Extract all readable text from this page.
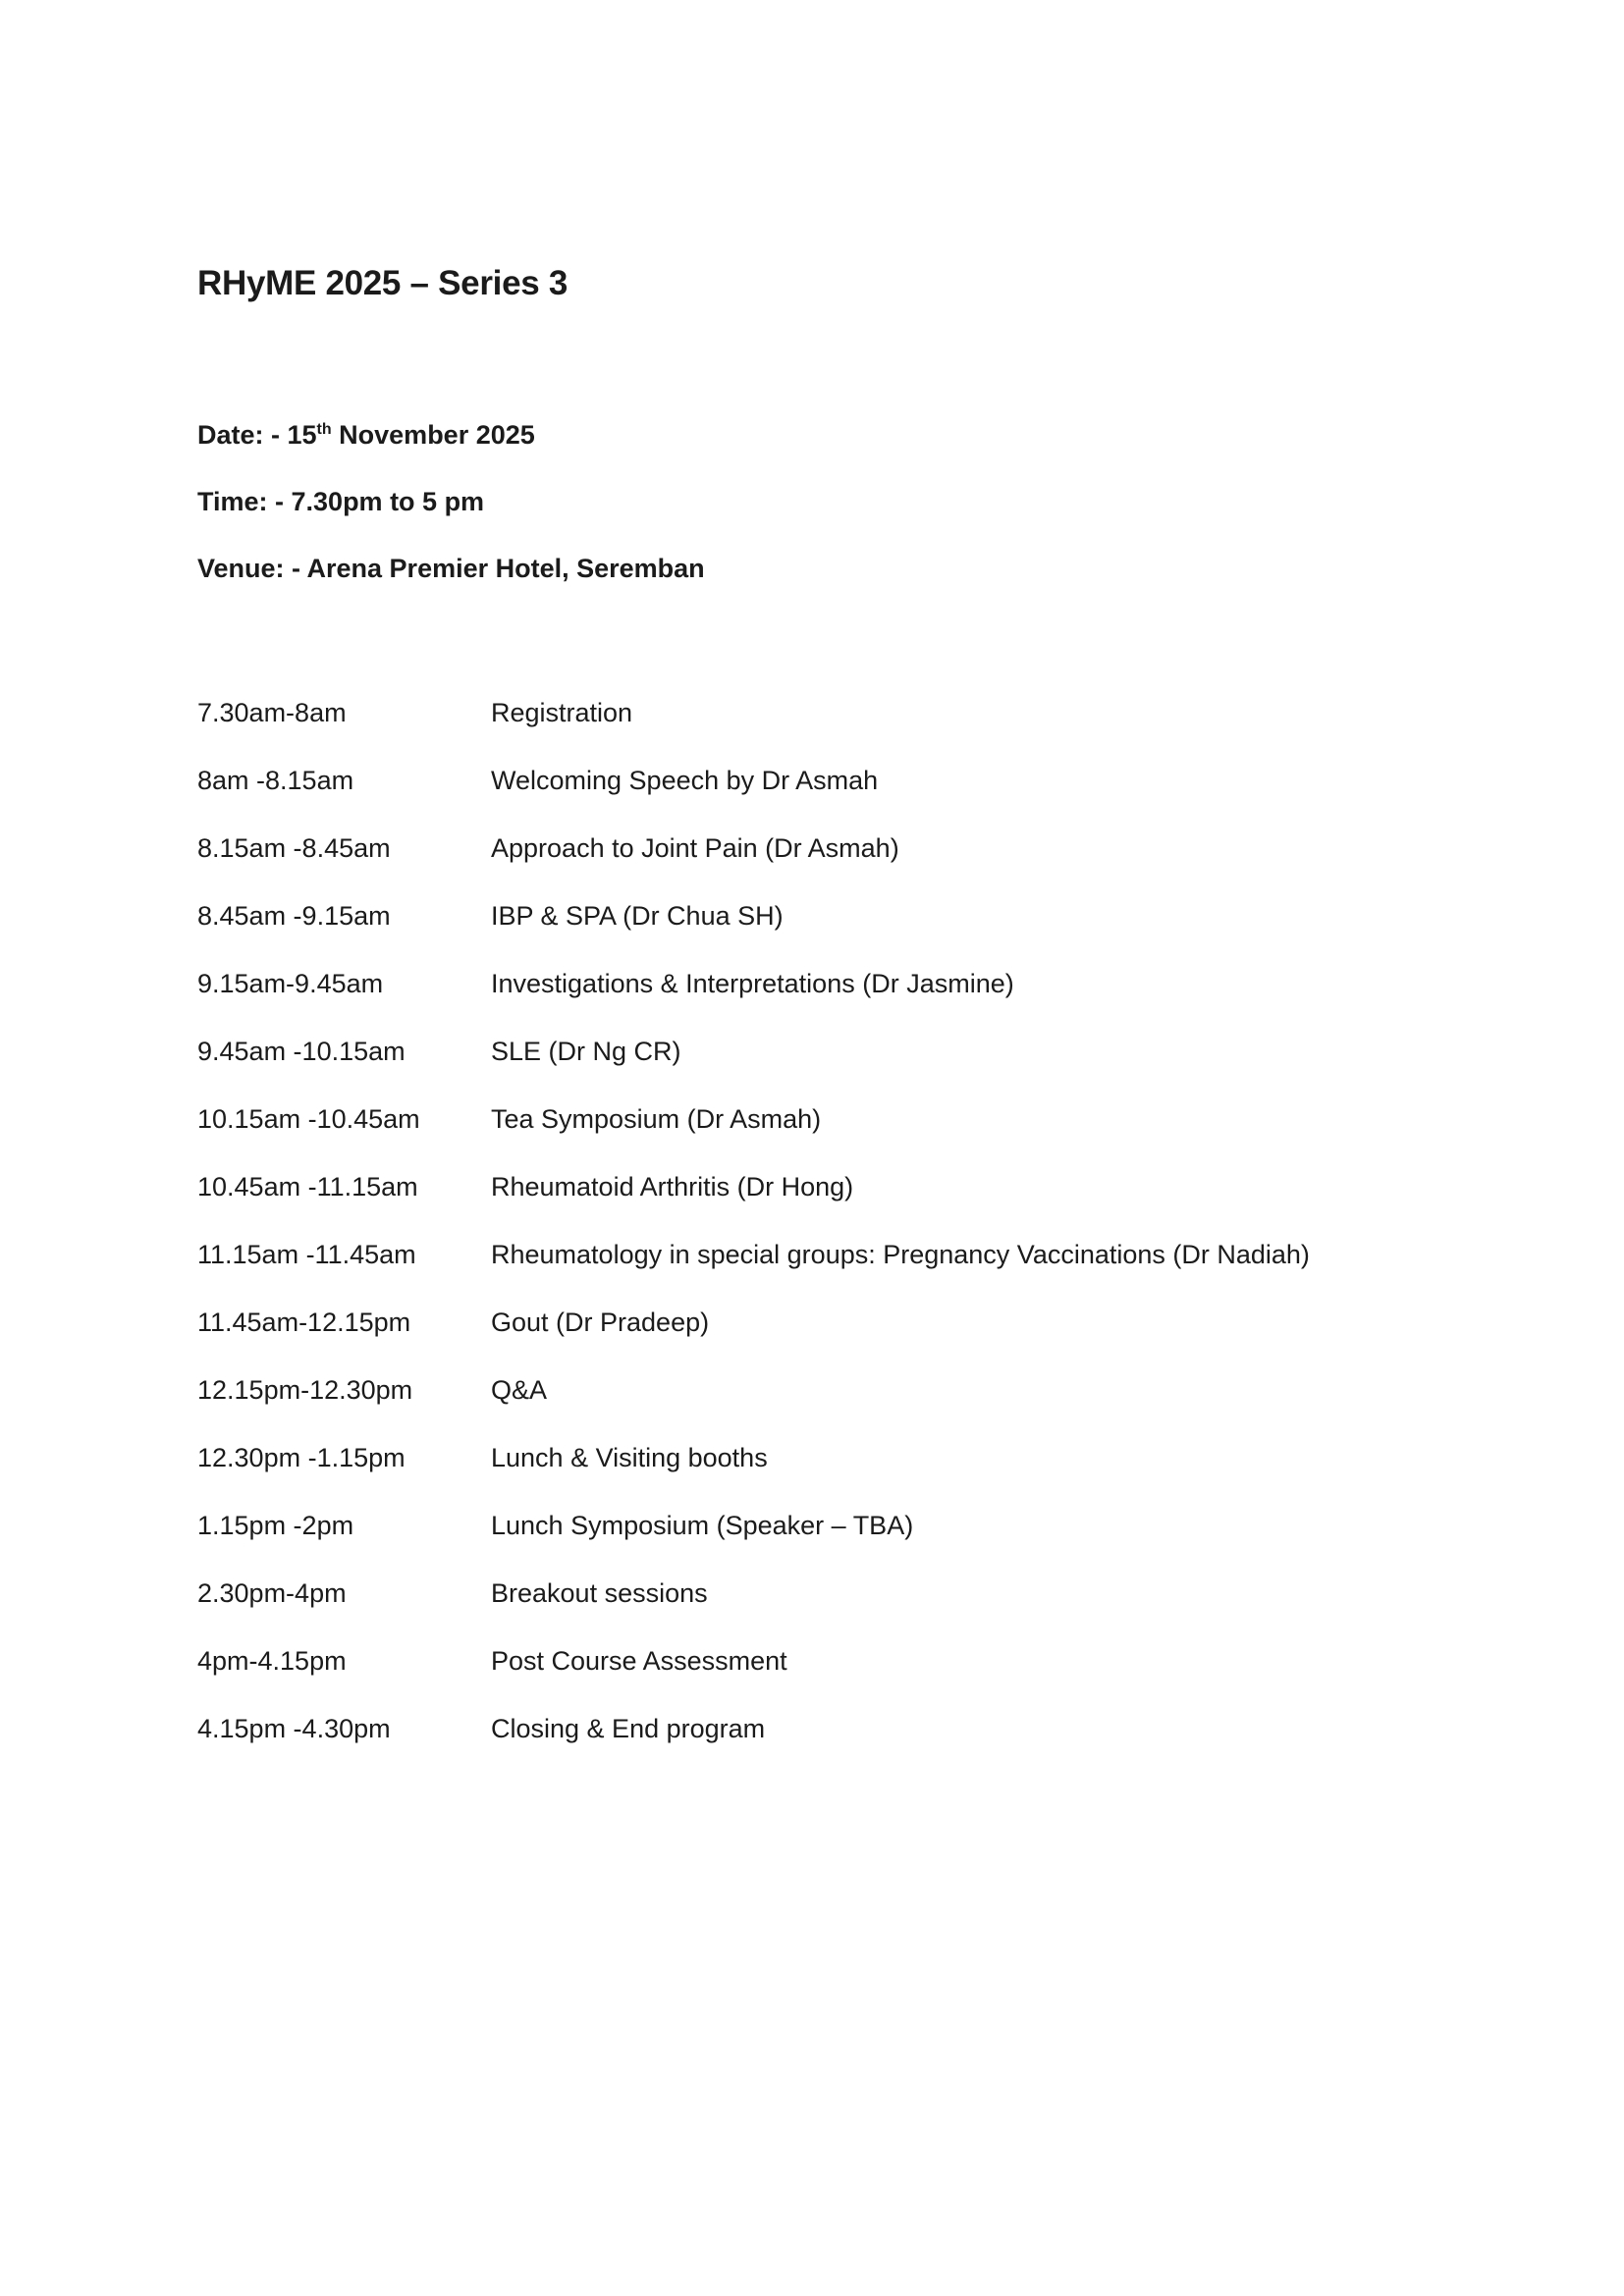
RHyME 2025 – Series 3

Date: - 15th November 2025

Time: - 7.30pm to 5 pm

Venue: - Arena Premier Hotel, Seremban

7.30am-8am	Registration
8am -8.15am	Welcoming Speech by Dr Asmah
8.15am -8.45am	Approach to Joint Pain (Dr Asmah)
8.45am -9.15am	IBP & SPA (Dr Chua SH)
9.15am-9.45am	Investigations & Interpretations (Dr Jasmine)
9.45am -10.15am	SLE (Dr Ng CR)
10.15am -10.45am	Tea Symposium (Dr Asmah)
10.45am -11.15am	Rheumatoid Arthritis (Dr Hong)
11.15am -11.45am	Rheumatology in special groups: Pregnancy Vaccinations (Dr Nadiah)
11.45am-12.15pm	Gout (Dr Pradeep)
12.15pm-12.30pm	Q&A
12.30pm -1.15pm	Lunch & Visiting booths
1.15pm -2pm	Lunch Symposium (Speaker – TBA)
2.30pm-4pm	Breakout sessions
4pm-4.15pm	Post Course Assessment
4.15pm -4.30pm	Closing & End program
